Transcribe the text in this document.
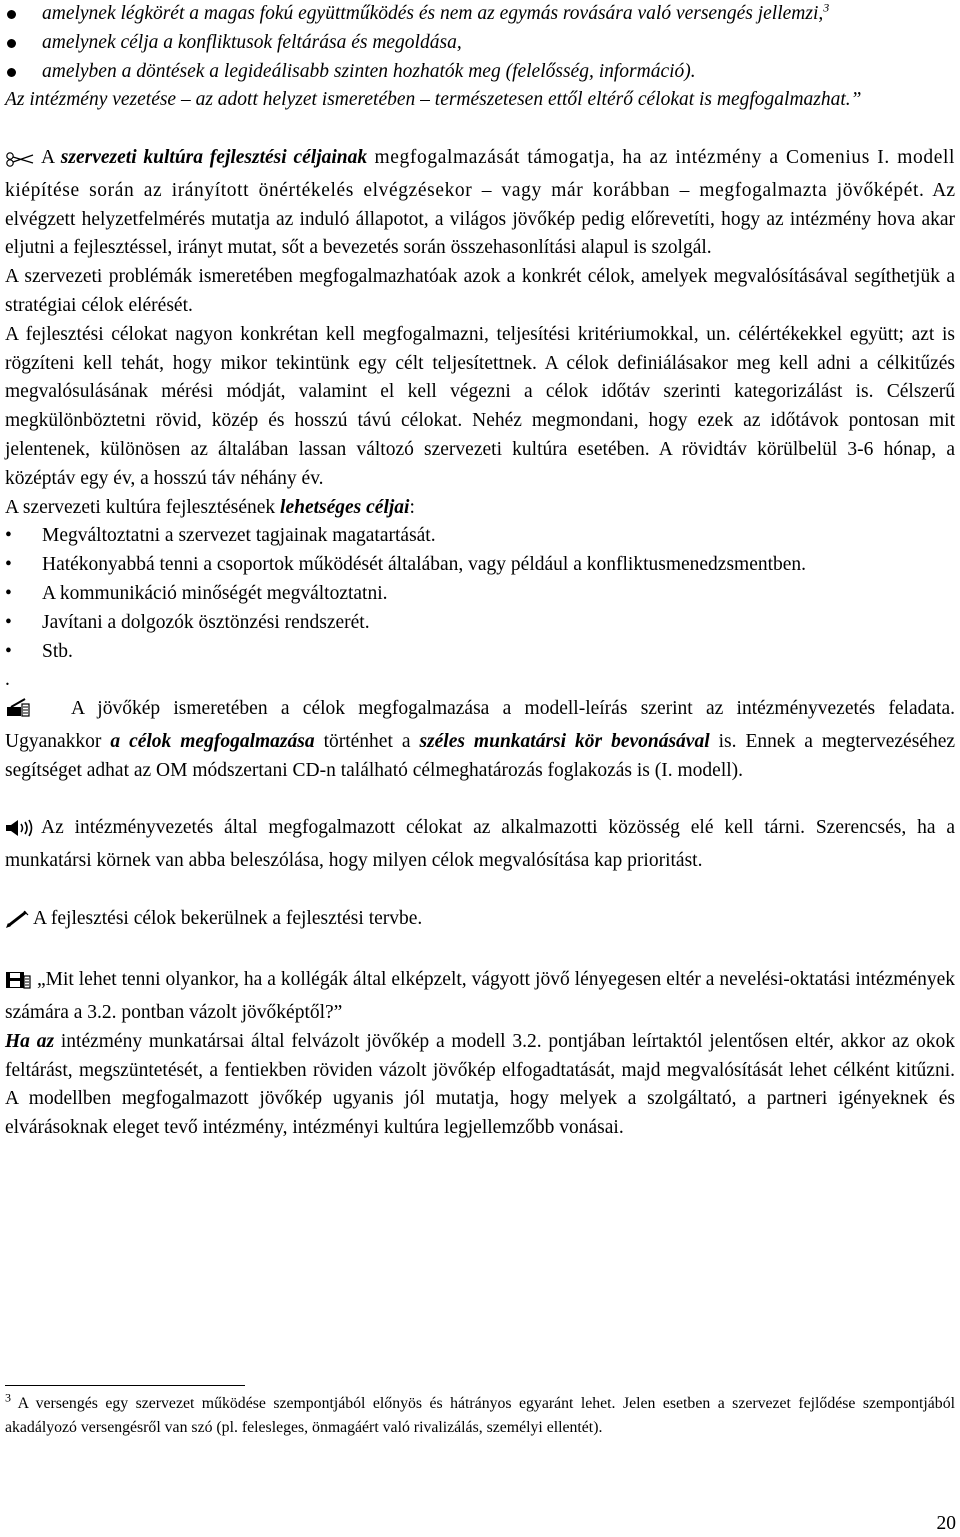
amelynek légkörét a magas fokú együttműködés és nem az egymás rovására való versengés jellemzi,$^3$
amelynek célja a konfliktusok feltárása és megoldása,
amelyben a döntések a legideálisabb szinten hozhatók meg (felelősség, információ).

Az intézmény vezetése – az adott helyzet ismeretében – természetesen ettől eltérő célokat is megfogalmazhat.”

A szervezeti kultúra fejlesztési céljainak megfogalmazását támogatja, ha az intézmény a Comenius I. modell kiépítése során az irányított önértékelés elvégzésekor – vagy már korábban – megfogalmazta jövőképét. Az elvégzett helyzetfelmérés mutatja az induló állapotot, a világos jövőkép pedig előrevetíti, hogy az intézmény hova akar eljutni a fejlesztéssel, irányt mutat, sőt a bevezetés során összehasonlítási alapul is szolgál.

A szervezeti problémák ismeretében megfogalmazhatóak azok a konkrét célok, amelyek megvalósításával segíthetjük a stratégiai célok elérését.

A fejlesztési célokat nagyon konkrétan kell megfogalmazni, teljesítési kritériumokkal, un. célértékekkel együtt; azt is rögzíteni kell tehát, hogy mikor tekintünk egy célt teljesítettnek. A célok definiálásakor meg kell adni a célkitűzés megvalósulásának mérési módját, valamint el kell végezni a célok időtáv szerinti kategorizálást is. Célszerű megkülönböztetni rövid, közép és hosszú távú célokat. Nehéz megmondani, hogy ezek az időtávok pontosan mit jelentenek, különösen az általában lassan változó szervezeti kultúra esetében. A rövidtáv körülbelül 3-6 hónap, a középtáv egy év, a hosszú táv néhány év.

A szervezeti kultúra fejlesztésének lehetséges céljai:

• Megváltoztatni a szervezet tagjainak magatartását.
• Hatékonyabbá tenni a csoportok működését általában, vagy például a konfliktusmenedzsmentben.
• A kommunikáció minőségét megváltoztatni.
• Javítani a dolgozók ösztönzési rendszerét.
• Stb.

.

A jövőkép ismeretében a célok megfogalmazása a modell-leírás szerint az intézményvezetés feladata. Ugyanakkor a célok megfogalmazása történhet a széles munkatársi kör bevonásával is. Ennek a megtervezéséhez segítséget adhat az OM módszertani CD-n található célmeghatározás foglakozás is (I. modell).

Az intézményvezetés által megfogalmazott célokat az alkalmazotti közösség elé kell tárni. Szerencsés, ha a munkatársi körnek van abba beleszólása, hogy milyen célok megvalósítása kap prioritást.

A fejlesztési célok bekerülnek a fejlesztési tervbe.

„Mit lehet tenni olyankor, ha a kollégák által elképzelt, vágyott jövő lényegesen eltér a nevelési-oktatási intézmények számára a 3.2. pontban vázolt jövőképtől?”

Ha az intézmény munkatársai által felvázolt jövőkép a modell 3.2. pontjában leírtaktól jelentősen eltér, akkor az okok feltárást, megszüntetését, a fentiekben röviden vázolt jövőkép elfogadtatását, majd megvalósítását lehet célként kitűzni. A modellben megfogalmazott jövőkép ugyanis jól mutatja, hogy melyek a szolgáltató, a partneri igényeknek és elvárásoknak eleget tevő intézmény, intézményi kultúra legjellemzőbb vonásai.

$^3$ A versengés egy szervezet működése szempontjából előnyös és hátrányos egyaránt lehet. Jelen esetben a szervezet fejlődése szempontjából akadályozó versengésről van szó (pl. felesleges, önmagáért való rivalizálás, személyi ellentét).
20
